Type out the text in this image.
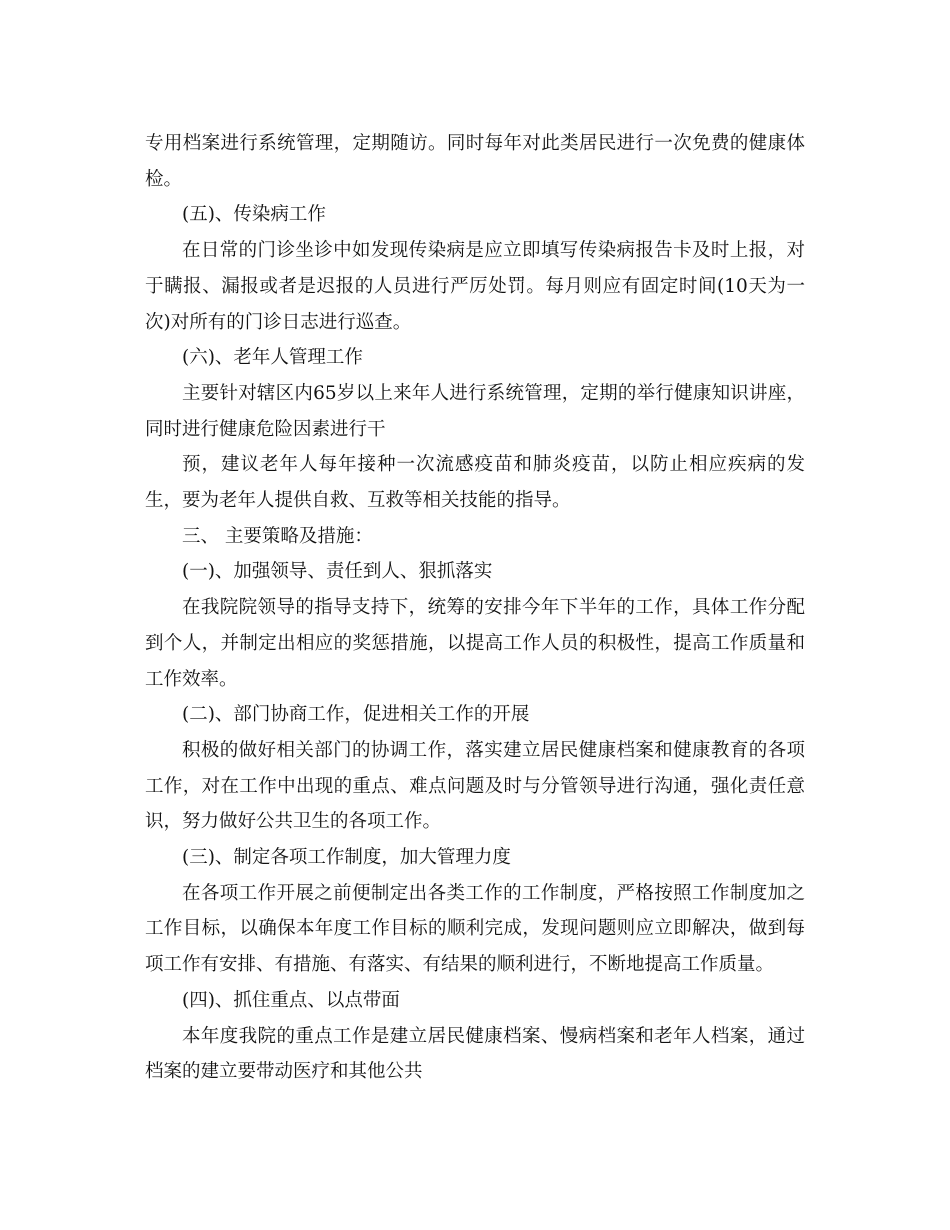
专用档案进行系统管理，定期随访。同时每年对此类居民进行一次免费的健康体检。

(五)、传染病工作

在日常的门诊坐诊中如发现传染病是应立即填写传染病报告卡及时上报，对于瞒报、漏报或者是迟报的人员进行严厉处罚。每月则应有固定时间(10天为一次)对所有的门诊日志进行巡查。

(六)、老年人管理工作

主要针对辖区内65岁以上来年人进行系统管理，定期的举行健康知识讲座，同时进行健康危险因素进行干

预，建议老年人每年接种一次流感疫苗和肺炎疫苗，以防止相应疾病的发生，要为老年人提供自救、互救等相关技能的指导。

三、 主要策略及措施：

(一)、加强领导、责任到人、狠抓落实

在我院院领导的指导支持下，统筹的安排今年下半年的工作，具体工作分配到个人，并制定出相应的奖惩措施，以提高工作人员的积极性，提高工作质量和工作效率。

(二)、部门协商工作，促进相关工作的开展

积极的做好相关部门的协调工作，落实建立居民健康档案和健康教育的各项工作，对在工作中出现的重点、难点问题及时与分管领导进行沟通，强化责任意识，努力做好公共卫生的各项工作。

(三)、制定各项工作制度，加大管理力度

在各项工作开展之前便制定出各类工作的工作制度，严格按照工作制度加之工作目标，以确保本年度工作目标的顺利完成，发现问题则应立即解决，做到每项工作有安排、有措施、有落实、有结果的顺利进行，不断地提高工作质量。

(四)、抓住重点、以点带面

本年度我院的重点工作是建立居民健康档案、慢病档案和老年人档案，通过档案的建立要带动医疗和其他公共
